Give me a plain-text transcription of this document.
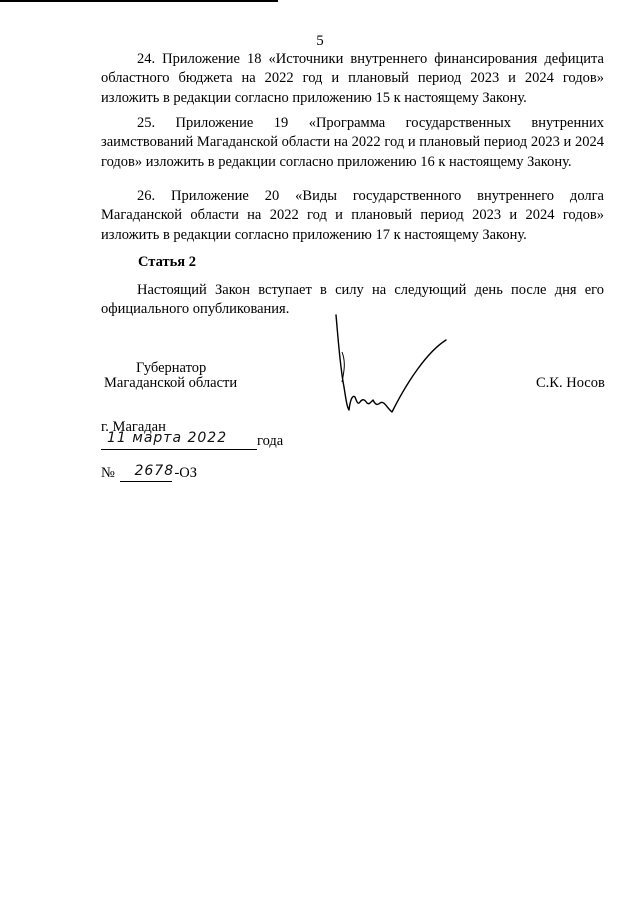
5

24. Приложение 18 «Источники внутреннего финансирования дефицита областного бюджета на 2022 год и плановый период 2023 и 2024 годов» изложить в редакции согласно приложению 15 к настоящему Закону.

25. Приложение 19 «Программа государственных внутренних заимствований Магаданской области на 2022 год и плановый период 2023 и 2024 годов» изложить в редакции согласно приложению 16 к настоящему Закону.

26. Приложение 20 «Виды государственного внутреннего долга Магаданской области на 2022 год и плановый период 2023 и 2024 годов» изложить в редакции согласно приложению 17 к настоящему Закону.

Статья 2

Настоящий Закон вступает в силу на следующий день после дня его официального опубликования.

Губернатор
Магаданской области	С.К. Носов
г. Магадан
11 марта 2022 года
№ 2678 -ОЗ
